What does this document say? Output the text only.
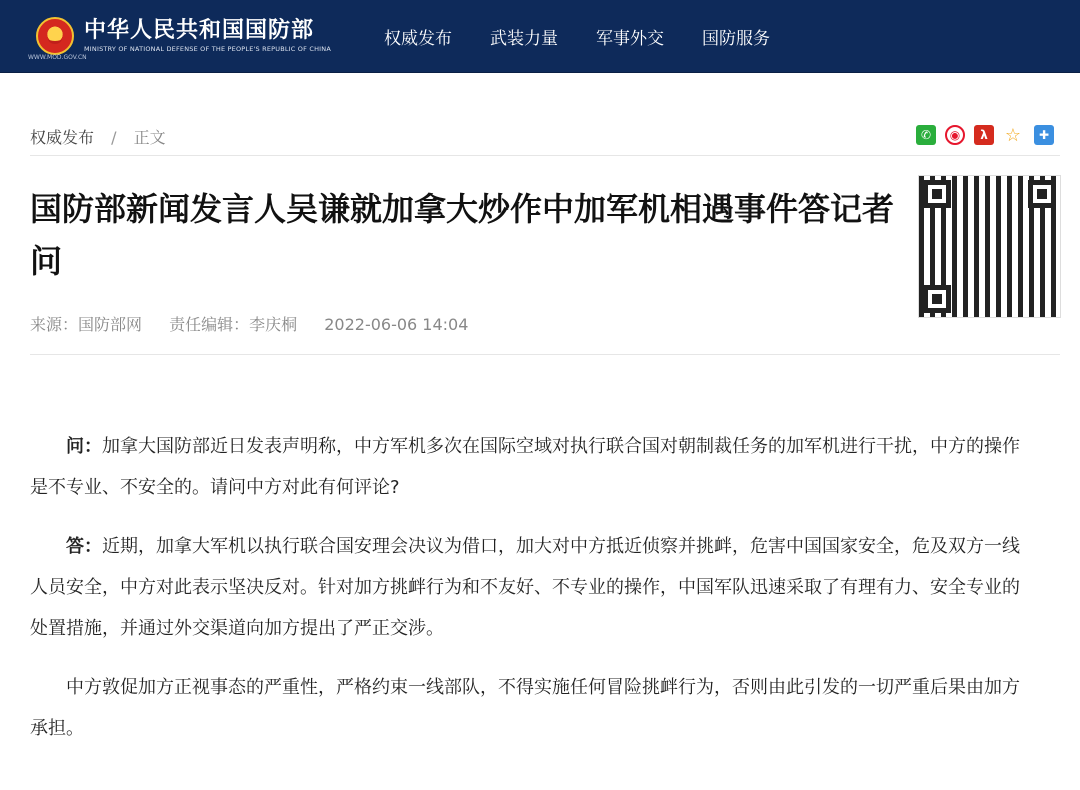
中华人民共和国国防部
MINISTRY OF NATIONAL DEFENSE OF THE PEOPLE'S REPUBLIC OF CHINA
WWW.MOD.GOV.CN
权威发布 武装力量 军事外交 国防服务
权威发布 / 正文	✆	◉	λ ☆	✚
国防部新闻发言人吴谦就加拿大炒作中加军机相遇事件答记者问
来源：国防部网 责任编辑：李庆桐 2022-06-06 14:04

问：加拿大国防部近日发表声明称，中方军机多次在国际空域对执行联合国对朝制裁任务的加军机进行干扰，中方的操作是不专业、不安全的。请问中方对此有何评论?

答：近期，加拿大军机以执行联合国安理会决议为借口，加大对中方抵近侦察并挑衅，危害中国国家安全，危及双方一线人员安全，中方对此表示坚决反对。针对加方挑衅行为和不友好、不专业的操作，中国军队迅速采取了有理有力、安全专业的处置措施，并通过外交渠道向加方提出了严正交涉。

中方敦促加方正视事态的严重性，严格约束一线部队，不得实施任何冒险挑衅行为，否则由此引发的一切严重后果由加方承担。
